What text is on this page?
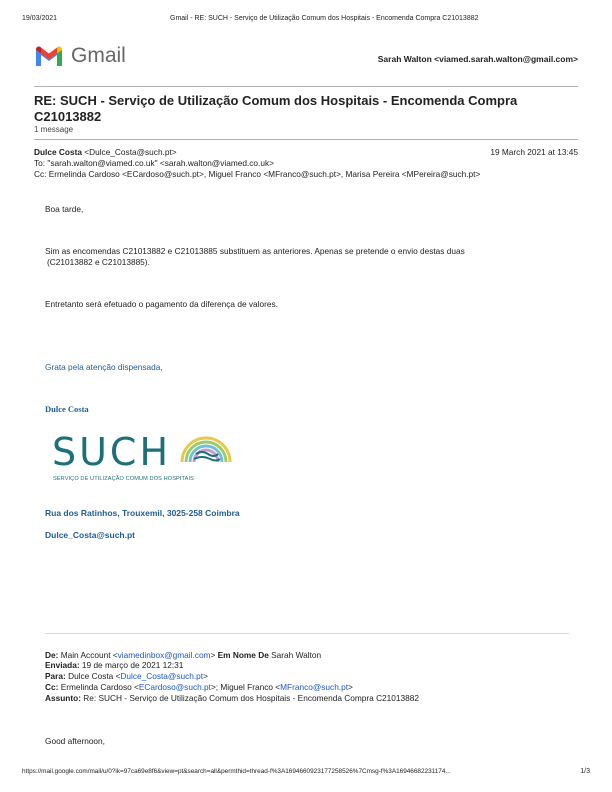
19/03/2021	Gmail - RE: SUCH - Serviço de Utilização Comum dos Hospitais - Encomenda Compra C21013882
Gmail	Sarah Walton <viamed.sarah.walton@gmail.com>
RE: SUCH - Serviço de Utilização Comum dos Hospitais - Encomenda Compra
C21013882
1 message
Dulce Costa <Dulce_Costa@such.pt>	19 March 2021 at 13:45
To: "sarah.walton@viamed.co.uk" <sarah.walton@viamed.co.uk>
Cc: Ermelinda Cardoso <ECardoso@such.pt>, Miguel Franco <MFranco@such.pt>, Marisa Pereira <MPereira@such.pt>
Boa tarde,
Sim as encomendas C21013882 e C21013885 substituem as anteriores. Apenas se pretende o envio destas duas
(C21013882 e C21013885).
Entretanto será efetuado o pagamento da diferença de valores.
Grata pela atenção dispensada,
Dulce Costa
SUCH
SERVIÇO DE UTILIZAÇÃO COMUM DOS HOSPITAIS
Rua dos Ratinhos, Trouxemil, 3025-258 Coimbra
Dulce_Costa@such.pt
De: Main Account <viamedinbox@gmail.com> Em Nome De Sarah Walton
Enviada: 19 de março de 2021 12:31
Para: Dulce Costa <Dulce_Costa@such.pt>
Cc: Ermelinda Cardoso <ECardoso@such.pt>; Miguel Franco <MFranco@such.pt>
Assunto: Re: SUCH - Serviço de Utilização Comum dos Hospitais - Encomenda Compra C21013882
Good afternoon,
https://mail.google.com/mail/u/0?ik=97ca69e8f6&view=pt&search=all&permthid=thread-f%3A1694660923177258526%7Cmsg-f%3A16946682231174...	1/3
